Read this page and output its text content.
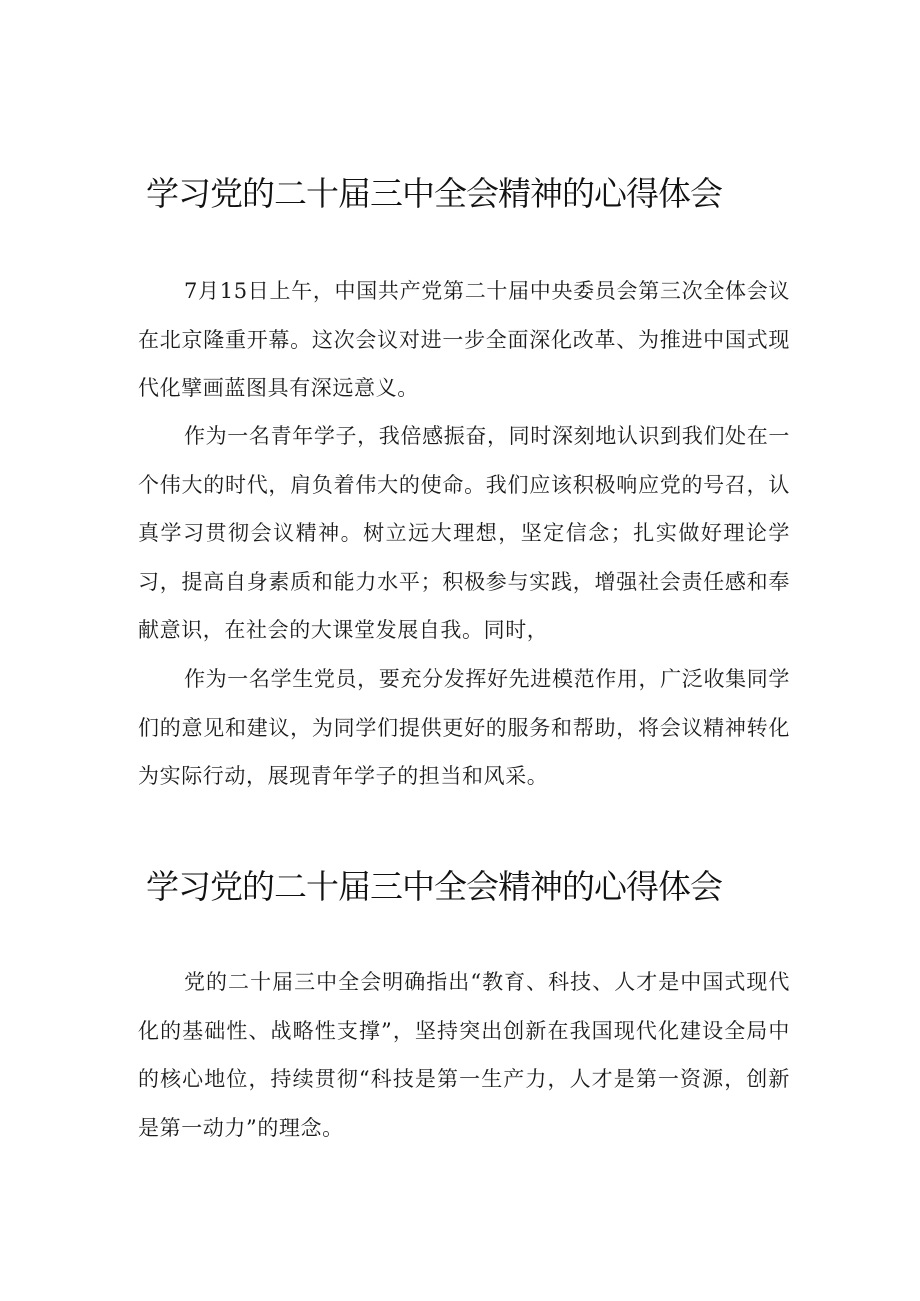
学习党的二十届三中全会精神的心得体会

7月15日上午，中国共产党第二十届中央委员会第三次全体会议在北京隆重开幕。这次会议对进一步全面深化改革、为推进中国式现代化擘画蓝图具有深远意义。

作为一名青年学子，我倍感振奋，同时深刻地认识到我们处在一个伟大的时代，肩负着伟大的使命。我们应该积极响应党的号召，认真学习贯彻会议精神。树立远大理想，坚定信念；扎实做好理论学习，提高自身素质和能力水平；积极参与实践，增强社会责任感和奉献意识，在社会的大课堂发展自我。同时，

作为一名学生党员，要充分发挥好先进模范作用，广泛收集同学们的意见和建议，为同学们提供更好的服务和帮助，将会议精神转化为实际行动，展现青年学子的担当和风采。

学习党的二十届三中全会精神的心得体会

党的二十届三中全会明确指出“教育、科技、人才是中国式现代化的基础性、战略性支撑”，坚持突出创新在我国现代化建设全局中的核心地位，持续贯彻“科技是第一生产力，人才是第一资源，创新是第一动力”的理念。
